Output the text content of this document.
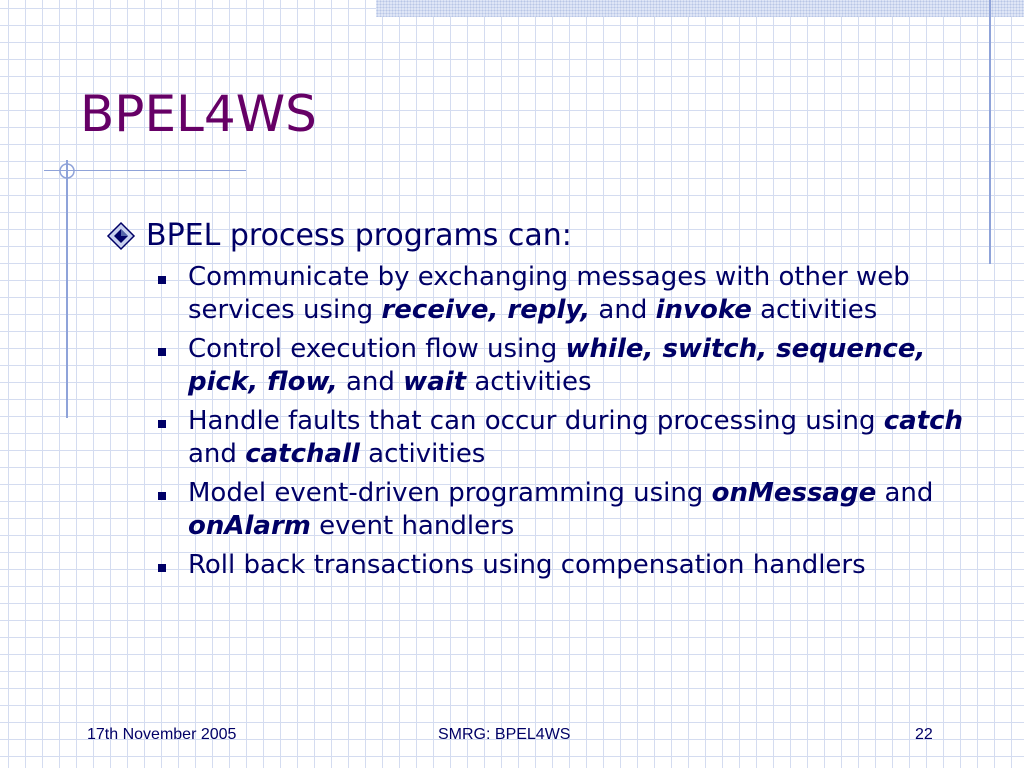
BPEL4WS
BPEL process programs can:
Communicate by exchanging messages with other web services using receive, reply, and invoke activities
Control execution flow using while, switch, sequence, pick, flow, and wait activities
Handle faults that can occur during processing using catch and catchall activities
Model event-driven programming using onMessage and onAlarm event handlers
Roll back transactions using compensation handlers
17th November 2005	SMRG: BPEL4WS	22
